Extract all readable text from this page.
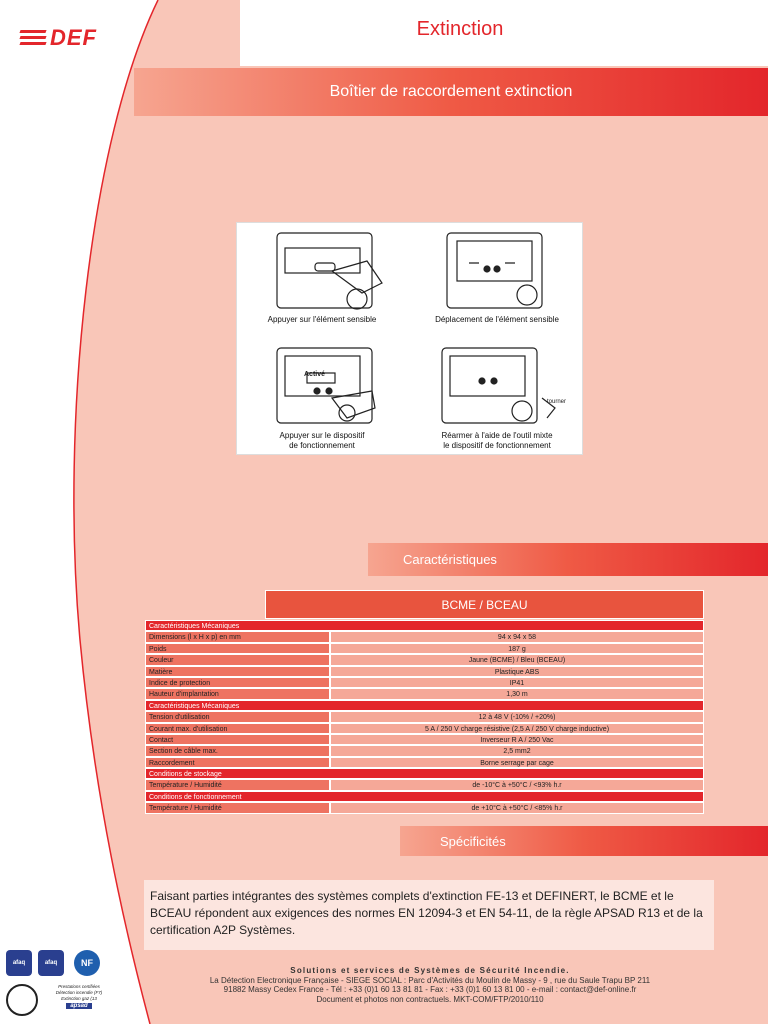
DEF	Extinction
Boîtier de raccordement extinction
Activé
tourner
Appuyer sur l'élément sensible	Déplacement de l'élément sensible
Appuyer sur le dispositif
de fonctionnement
Réarmer à l'aide de l'outil mixte
le dispositif de fonctionnement
Caractéristiques
BCME / BCEAU
Caractéristiques Mécaniques
Dimensions (l x H x p) en mm	94 x 94 x 58
Poids	187 g
Couleur	Jaune (BCME) / Bleu (BCEAU)
Matière	Plastique ABS
Indice de protection	IP41
Hauteur d'implantation	1,30 m
Caractéristiques Mécaniques
Tension d'utilisation	12 à 48 V (-10% / +20%)
Courant max. d'utilisation	5 A / 250 V charge résistive (2,5 A / 250 V charge inductive)
Contact	Inverseur R A / 250 Vac
Section de câble max.	2,5 mm2
Raccordement	Borne serrage par cage
Conditions de stockage
Température / Humidité	de -10°C à +50°C / <93% h.r
Conditions de fonctionnement
Température / Humidité	de +10°C à +50°C / <85% h.r
Spécificités
Faisant parties intégrantes des systèmes complets d'extinction FE-13 et DEFINERT, le BCME et le BCEAU répondent aux exigences des normes EN 12094-3 et EN 54-11, de la règle APSAD R13 et de la certification A2P Systèmes.
Solutions et services de Systèmes de Sécurité Incendie.
La Détection Electronique Française - SIEGE SOCIAL : Parc d'Activités du Moulin de Massy - 9 , rue du Saule Trapu BP 211
91882 Massy Cedex France - Tél : +33 (0)1 60 13 81 81 - Fax : +33 (0)1 60 13 81 00 - e-mail : contact@def-online.fr
Document et photos non contractuels. MKT-COM/FTP/2010/110
afaq	afaq	NF
Prestations certifiées
Détection incendie (F7)
Extinction gaz (13
apsad
